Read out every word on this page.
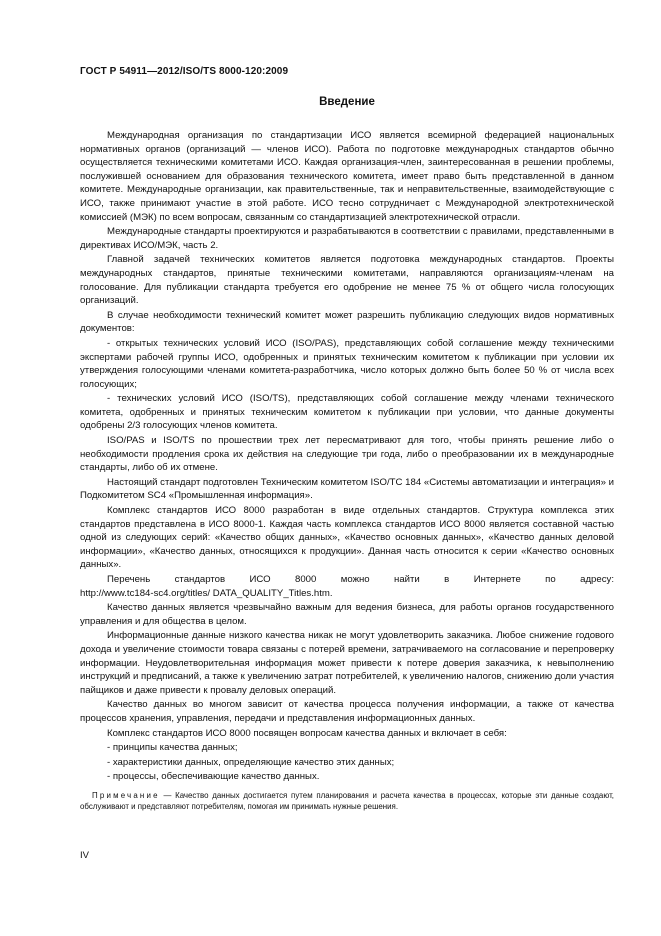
ГОСТ Р 54911—2012/ISO/TS 8000-120:2009
Введение

Международная организация по стандартизации ИСО является всемирной федерацией национальных нормативных органов (организаций — членов ИСО). Работа по подготовке международных стандартов обычно осуществляется техническими комитетами ИСО. Каждая организация-член, заинтересованная в решении проблемы, послужившей основанием для образования технического комитета, имеет право быть представленной в данном комитете. Международные организации, как правительственные, так и неправительственные, взаимодействующие с ИСО, также принимают участие в этой работе. ИСО тесно сотрудничает с Международной электротехнической комиссией (МЭК) по всем вопросам, связанным со стандартизацией электротехнической отрасли.

Международные стандарты проектируются и разрабатываются в соответствии с правилами, представленными в директивах ИСО/МЭК, часть 2.

Главной задачей технических комитетов является подготовка международных стандартов. Проекты международных стандартов, принятые техническими комитетами, направляются организациям-членам на голосование. Для публикации стандарта требуется его одобрение не менее 75 % от общего числа голосующих организаций.

В случае необходимости технический комитет может разрешить публикацию следующих видов нормативных документов:

- открытых технических условий ИСО (ISO/PAS), представляющих собой соглашение между техническими экспертами рабочей группы ИСО, одобренных и принятых техническим комитетом к публикации при условии их утверждения голосующими членами комитета-разработчика, число которых должно быть более 50 % от числа всех голосующих;

- технических условий ИСО (ISO/TS), представляющих собой соглашение между членами технического комитета, одобренных и принятых техническим комитетом к публикации при условии, что данные документы одобрены 2/3 голосующих членов комитета.

ISO/PAS и ISO/TS по прошествии трех лет пересматривают для того, чтобы принять решение либо о необходимости продления срока их действия на следующие три года, либо о преобразовании их в международные стандарты, либо об их отмене.

Настоящий стандарт подготовлен Техническим комитетом ISO/TC 184 «Системы автоматизации и интеграция» и Подкомитетом SC4 «Промышленная информация».

Комплекс стандартов ИСО 8000 разработан в виде отдельных стандартов. Структура комплекса этих стандартов представлена в ИСО 8000-1. Каждая часть комплекса стандартов ИСО 8000 является составной частью одной из следующих серий: «Качество общих данных», «Качество основных данных», «Качество данных деловой информации», «Качество данных, относящихся к продукции». Данная часть относится к серии «Качество основных данных».

Перечень стандартов ИСО 8000 можно найти в Интернете по адресу:

http://www.tc184-sc4.org/titles/ DATA_QUALITY_Titles.htm.

Качество данных является чрезвычайно важным для ведения бизнеса, для работы органов государственного управления и для общества в целом.

Информационные данные низкого качества никак не могут удовлетворить заказчика. Любое снижение годового дохода и увеличение стоимости товара связаны с потерей времени, затрачиваемого на согласование и перепроверку информации. Неудовлетворительная информация может привести к потере доверия заказчика, к невыполнению инструкций и предписаний, а также к увеличению затрат потребителей, к увеличению налогов, снижению доли участия пайщиков и даже привести к провалу деловых операций.

Качество данных во многом зависит от качества процесса получения информации, а также от качества процессов хранения, управления, передачи и представления информационных данных.

Комплекс стандартов ИСО 8000 посвящен вопросам качества данных и включает в себя:

- принципы качества данных;

- характеристики данных, определяющие качество этих данных;

- процессы, обеспечивающие качество данных.

Примечание — Качество данных достигается путем планирования и расчета качества в процессах, которые эти данные создают, обслуживают и представляют потребителям, помогая им принимать нужные решения.

IV
